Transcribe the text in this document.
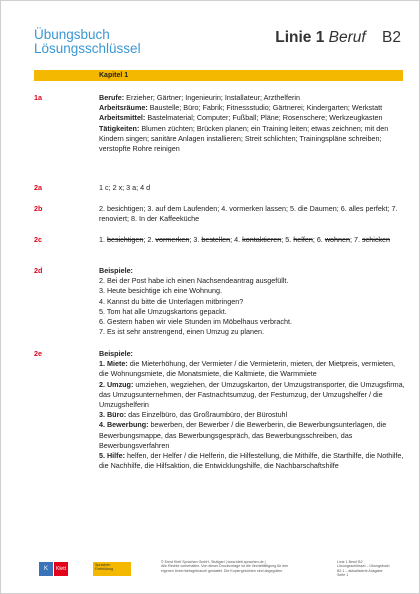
Übungsbuch
Lösungsschlüssel
Linie 1 Beruf B2
Kapitel 1
1a	Berufe: Erzieher; Gärtner; Ingenieurin; Installateur; Arzthelferin

Arbeitsräume: Baustelle; Büro; Fabrik; Fitnessstudio; Gärtnerei; Kindergarten; Werkstatt

Arbeitsmittel: Bastelmaterial; Computer; Fußball; Pläne; Rosenschere; Werkzeugkasten

Tätigkeiten: Blumen züchten; Brücken planen; ein Training leiten; etwas zeichnen; mit den Kindern singen; sanitäre Anlagen installieren; Streit schlichten; Trainingspläne schreiben; verstopfte Rohre reinigen

2a	1 c; 2 x; 3 a; 4 d
2b	2. besichtigen; 3. auf dem Laufenden; 4. vormerken lassen; 5. die Daumen; 6. alles perfekt; 7. renoviert; 8. In der Kaffeeküche
2c	1. besichtigen; 2. vormerken; 3. bestellen; 4. kontaktieren; 5. helfen; 6. wohnen; 7. schicken
2d	Beispiele:

2. Bei der Post habe ich einen Nachsendeantrag ausgefüllt.

3. Heute besichtige ich eine Wohnung.

4. Kannst du bitte die Unterlagen mitbringen?

5. Tom hat alle Umzugskartons gepackt.

6. Gestern haben wir viele Stunden im Möbelhaus verbracht.

7. Es ist sehr anstrengend, einen Umzug zu planen.

2e	Beispiele:

1. Miete: die Mieterhöhung, der Vermieter / die Vermieterin, mieten, der Mietpreis, vermieten, die Wohnungsmiete, die Monatsmiete, die Kaltmiete, die Warmmiete

2. Umzug: umziehen, wegziehen, der Umzugskarton, der Umzugstransporter, die Umzugsfirma, das Umzugsunternehmen, der Fastnachtsumzug, der Festumzug, der Umzugshelfer / die Umzugshelferin

3. Büro: das Einzelbüro, das Großraumbüro, der Bürostuhl

4. Bewerbung: bewerben, der Bewerber / die Bewerberin, die Bewerbungsunterlagen, die Bewerbungsmappe, das Bewerbungsgespräch, das Bewerbungsschreiben, das Bewerbungsverfahren

5. Hilfe: helfen, der Helfer / die Helferin, die Hilfestellung, die Mithilfe, die Starthilfe, die Nothilfe, die Nachhilfe, die Hilfsaktion, die Entwicklungshilfe, die Nachbarschaftshilfe

K Klett
Sprachen Fortbildung
© Ernst Klett Sprachen GmbH, Stuttgart | www.klett-sprachen.de |
Alle Rechte vorbehalten. Von dieser Druckvorlage ist die Vervielfältigung für den
eigenen Unterrichtsgebrauch gestattet. Die Kopiergebühren sind abgegolten.
Linie 1 Beruf B2
Lösungsschlüssel – Übungsbuch
B2.1 – aktualisierte Ausgabe
Seite 1
